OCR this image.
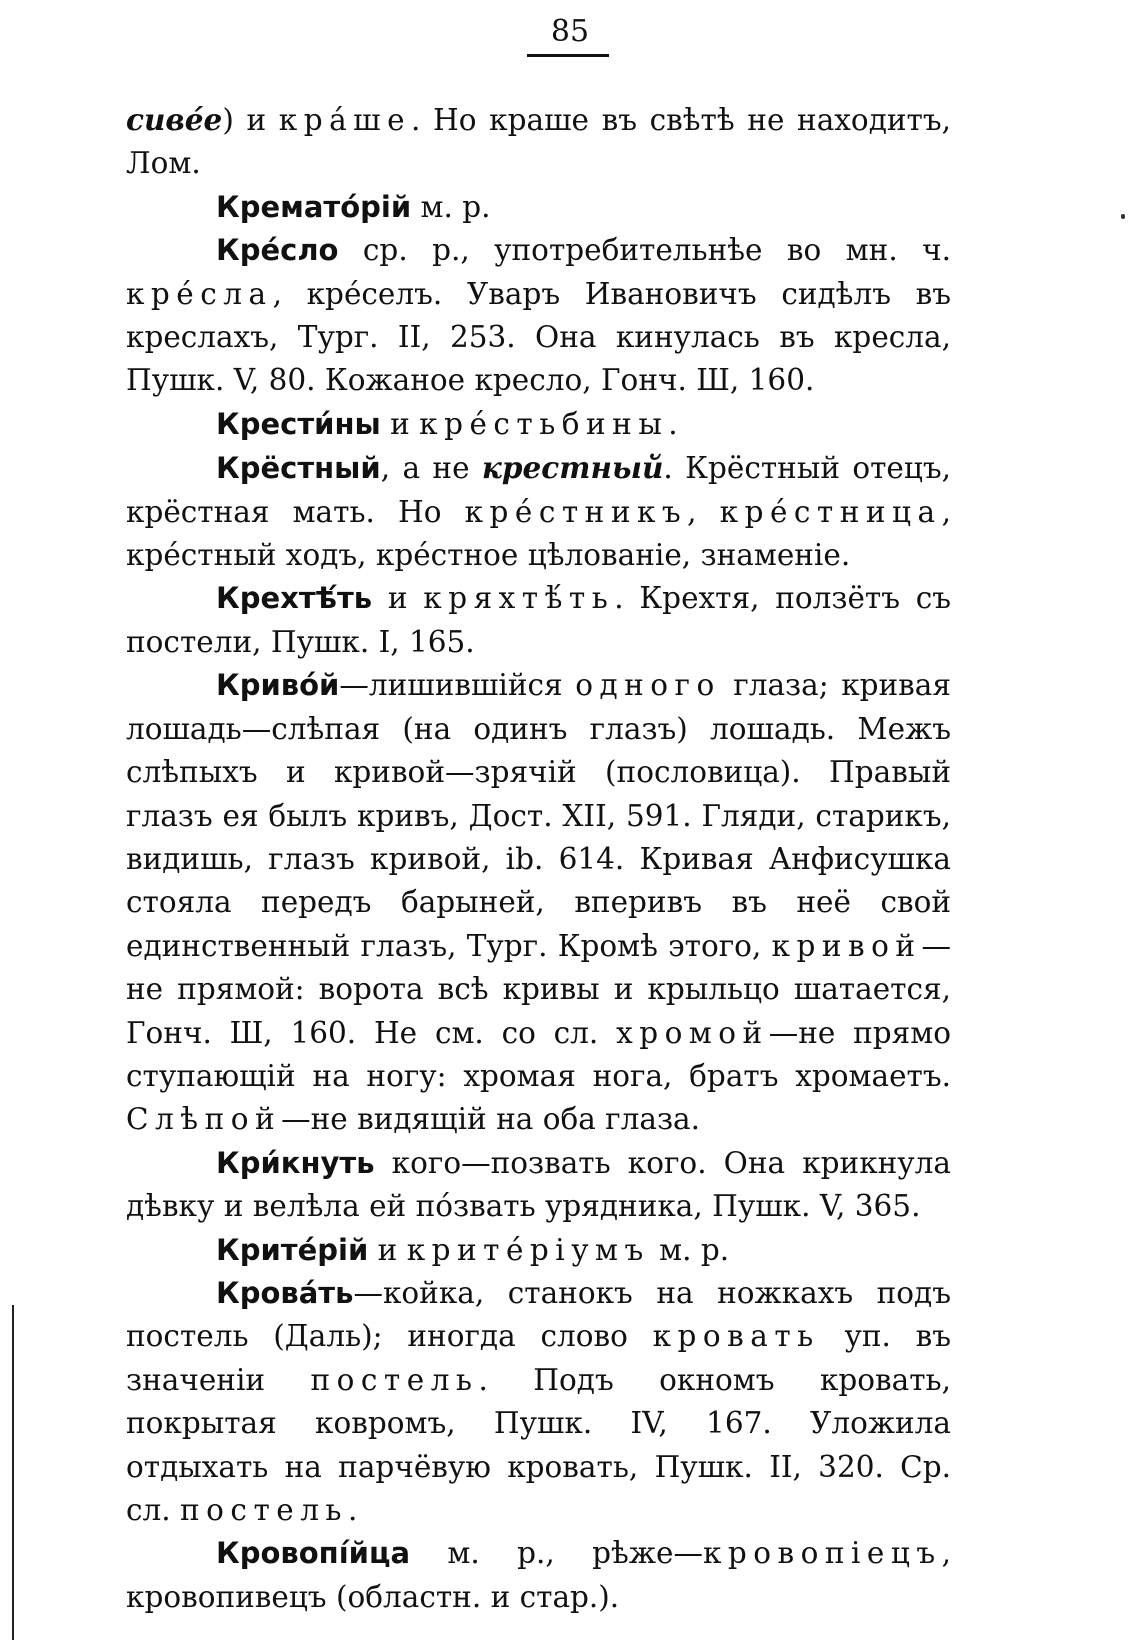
85

сиве́е) и кра́ше. Но краше въ свѣтѣ не находитъ, Лом.

Крематóрій м. р.

Крéсло ср. р., употребительнѣе во мн. ч. крéсла, крéселъ. Уваръ Ивановичъ сидѣлъ въ креслахъ, Тург. II, 253. Она кинулась въ кресла, Пушк. V, 80. Кожаное кресло, Гонч. Ш, 160.

Крести́ны и крéстьбины.

Крёстный, а не крестный. Крёстный отецъ, крёстная мать. Но крéстникъ, крéстница, крéстный ходъ, крéстное цѣлованіе, знаменіе.

Крехтѣ́ть и кряхтѣ́ть. Крехтя, ползётъ съ постели, Пушк. I, 165.

Кривóй—лишившійся одного глаза; кривая лошадь—слѣпая (на одинъ глазъ) лошадь. Межъ слѣпыхъ и кривой—зрячій (пословица). Правый глазъ ея былъ кривъ, Дост. XII, 591. Гляди, старикъ, видишь, глазъ кривой, ib. 614. Кривая Анфисушка стояла передъ барыней, вперивъ въ неё свой единственный глазъ, Тург. Кромѣ этого, кривой—не прямой: ворота всѣ кривы и крыльцо шатается, Гонч. Ш, 160. Не см. со сл. хромой—не прямо ступающій на ногу: хромая нога, братъ хромаетъ. Слѣпой—не видящій на оба глаза.

Кри́кнуть кого—позвать кого. Она крикнула дѣвку и велѣла ей пóзвать урядника, Пушк. V, 365.

Критéрій и критéріумъ м. р.

Крова́ть—койка, станокъ на ножкахъ подъ постель (Даль); иногда слово кровать уп. въ значеніи постель. Подъ окномъ кровать, покрытая ковромъ, Пушк. IV, 167. Уложила отдыхать на парчёвую кровать, Пушк. II, 320. Ср. сл. постель.

Кровопíйца м. р., рѣже—кровопіецъ, кровопивецъ (областн. и стар.).
